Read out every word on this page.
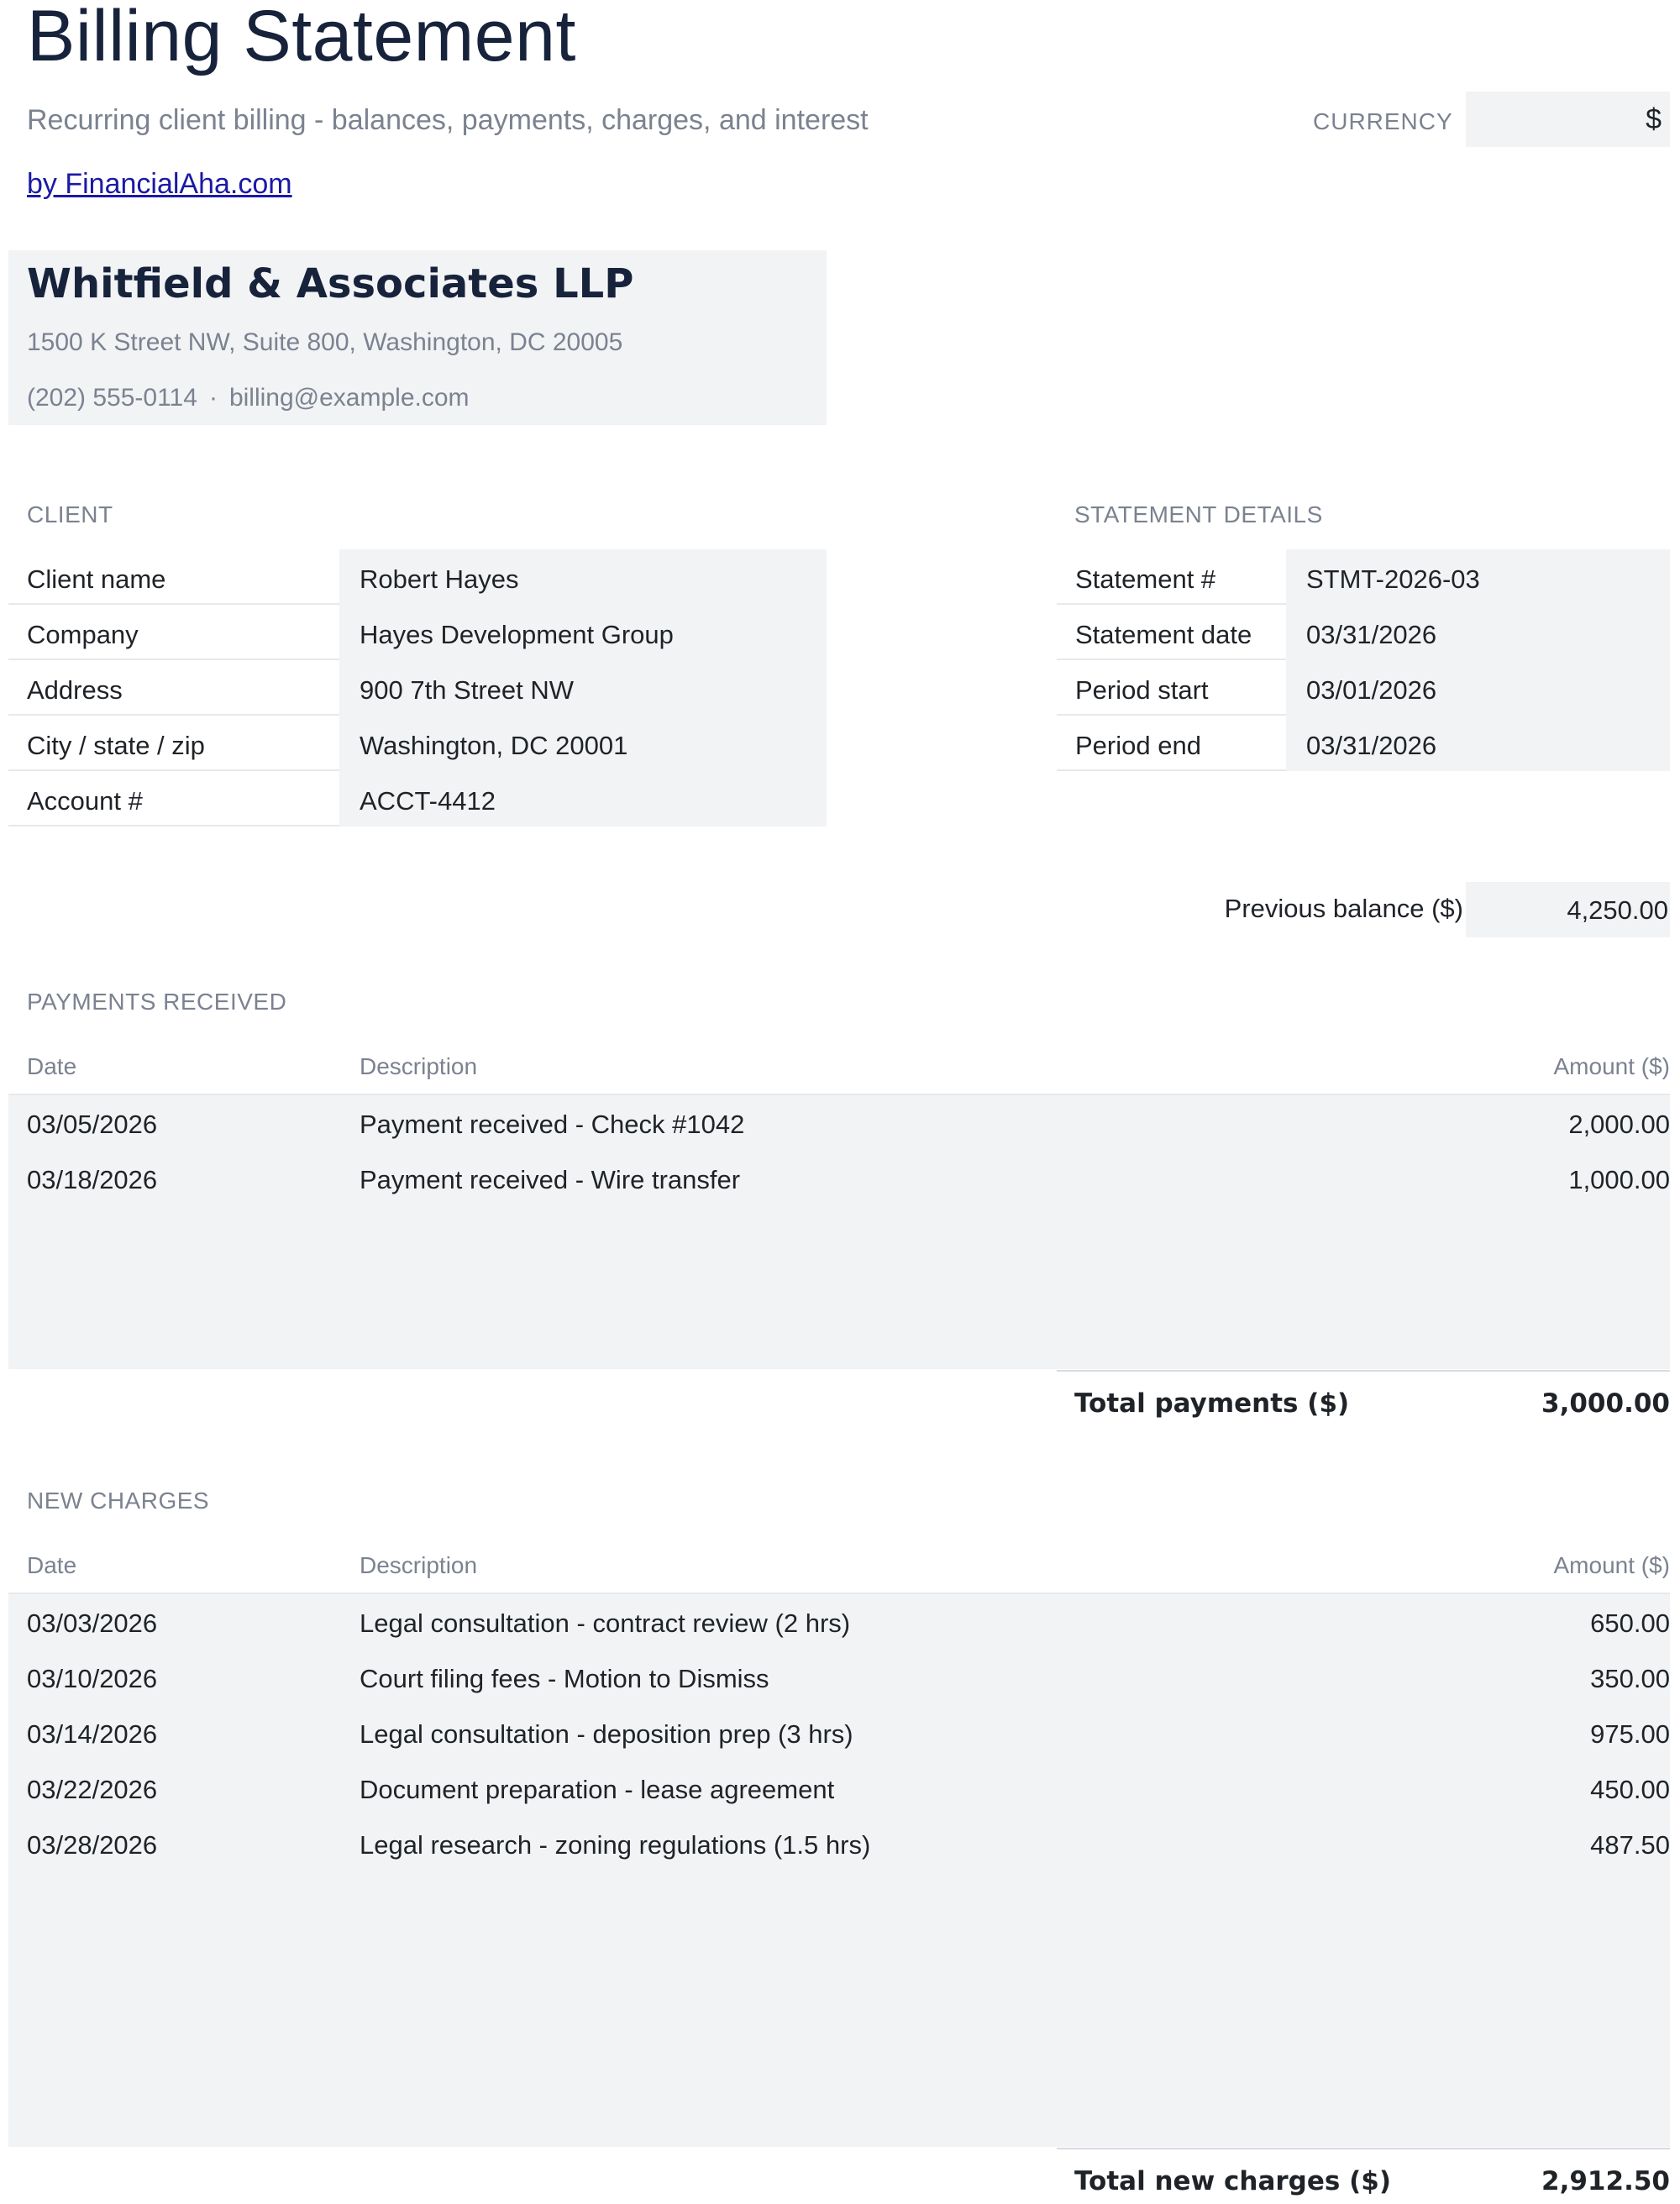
Billing Statement
Recurring client billing - balances, payments, charges, and interest
by FinancialAha.com
CURRENCY	$
Whitfield & Associates LLP
1500 K Street NW, Suite 800, Washington, DC 20005
(202) 555-0114 · billing@example.com
CLIENT
Client name	Robert Hayes
Company	Hayes Development Group
Address	900 7th Street NW
City / state / zip	Washington, DC 20001
Account #	ACCT-4412
STATEMENT DETAILS
Statement #	STMT-2026-03
Statement date	03/31/2026
Period start	03/01/2026
Period end	03/31/2026
Previous balance ($)	4,250.00
PAYMENTS RECEIVED
Date	Description	Amount ($)
03/05/2026	Payment received - Check #1042	2,000.00
03/18/2026	Payment received - Wire transfer	1,000.00
Total payments ($)	3,000.00
NEW CHARGES
Date	Description	Amount ($)
03/03/2026	Legal consultation - contract review (2 hrs)	650.00
03/10/2026	Court filing fees - Motion to Dismiss	350.00
03/14/2026	Legal consultation - deposition prep (3 hrs)	975.00
03/22/2026	Document preparation - lease agreement	450.00
03/28/2026	Legal research - zoning regulations (1.5 hrs)	487.50
Total new charges ($)	2,912.50
